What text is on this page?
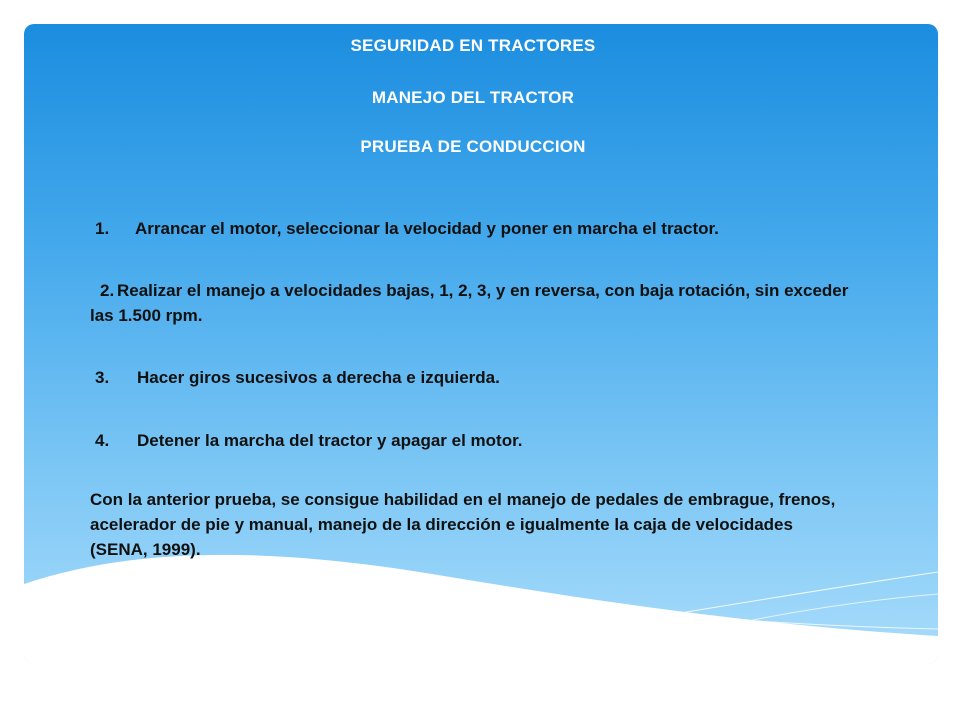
SEGURIDAD EN TRACTORES
MANEJO DEL TRACTOR
PRUEBA DE CONDUCCION
1. Arrancar el motor, seleccionar la velocidad y poner en marcha el tractor.
2. Realizar el manejo a velocidades bajas, 1, 2, 3, y en reversa, con baja rotación, sin exceder las 1.500 rpm.
3. Hacer giros sucesivos a derecha e izquierda.
4. Detener la marcha del tractor y apagar el motor.
Con la anterior prueba, se consigue habilidad en el manejo de pedales de embrague, frenos, acelerador de pie y manual, manejo de la dirección e igualmente la caja de velocidades (SENA, 1999).
